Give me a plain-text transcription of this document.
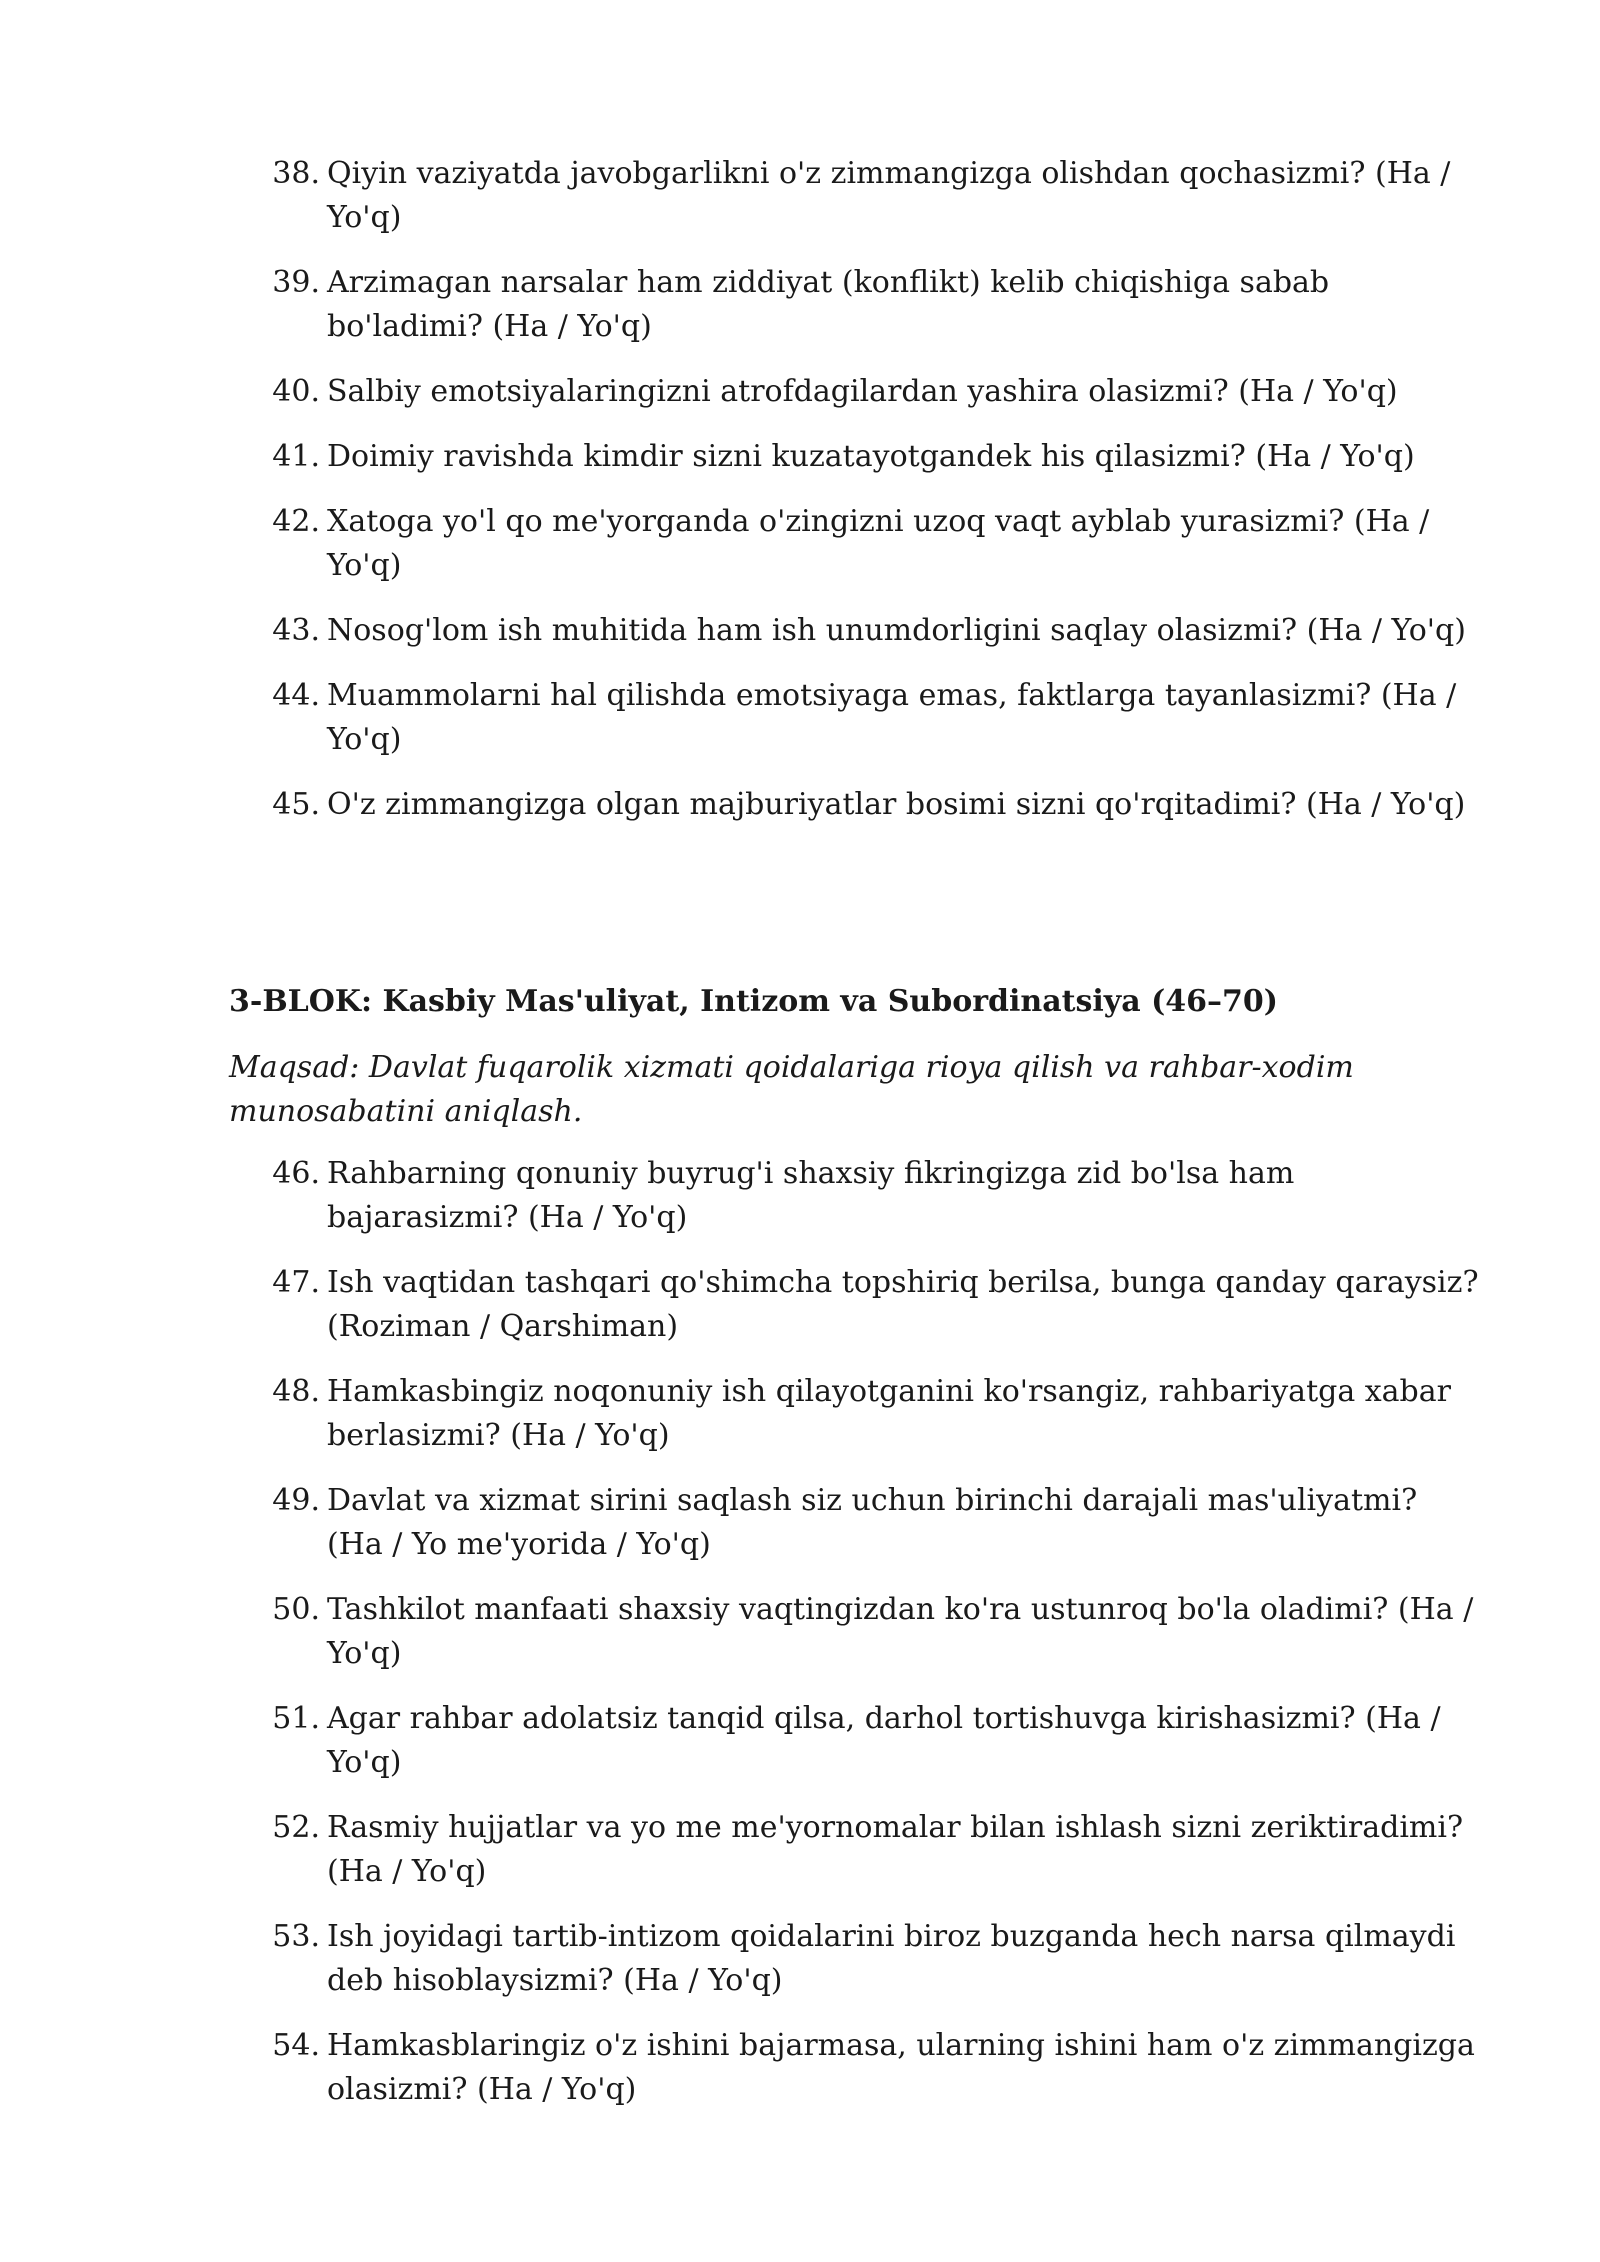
38. Qiyin vaziyatda javobgarlikni o'z zimmangizga olishdan qochasizmi? (Ha / Yo'q)
39. Arzimagan narsalar ham ziddiyat (konflikt) kelib chiqishiga sabab bo'ladimi? (Ha / Yo'q)
40. Salbiy emotsiyalaringizni atrofdagilardan yashira olasizmi? (Ha / Yo'q)
41. Doimiy ravishda kimdir sizni kuzatayotgandek his qilasizmi? (Ha / Yo'q)
42. Xatoga yo'l qo me'yorganda o'zingizni uzoq vaqt ayblab yurasizmi? (Ha / Yo'q)
43. Nosog'lom ish muhitida ham ish unumdorligini saqlay olasizmi? (Ha / Yo'q)
44. Muammolarni hal qilishda emotsiyaga emas, faktlarga tayanlasizmi? (Ha / Yo'q)
45. O'z zimmangizga olgan majburiyatlar bosimi sizni qo'rqitadimi? (Ha / Yo'q)
3-BLOK: Kasbiy Mas'uliyat, Intizom va Subordinatsiya (46–70)

Maqsad: Davlat fuqarolik xizmati qoidalariga rioya qilish va rahbar-xodim munosabatini aniqlash.

46. Rahbarning qonuniy buyrug'i shaxsiy fikringizga zid bo'lsa ham bajarasizmi? (Ha / Yo'q)
47. Ish vaqtidan tashqari qo'shimcha topshiriq berilsa, bunga qanday qaraysiz? (Roziman / Qarshiman)
48. Hamkasbingiz noqonuniy ish qilayotganini ko'rsangiz, rahbariyatga xabar berlasizmi? (Ha / Yo'q)
49. Davlat va xizmat sirini saqlash siz uchun birinchi darajali mas'uliyatmi? (Ha / Yo me'yorida / Yo'q)
50. Tashkilot manfaati shaxsiy vaqtingizdan ko'ra ustunroq bo'la oladimi? (Ha / Yo'q)
51. Agar rahbar adolatsiz tanqid qilsa, darhol tortishuvga kirishasizmi? (Ha / Yo'q)
52. Rasmiy hujjatlar va yo me me'yornomalar bilan ishlash sizni zeriktiradimi? (Ha / Yo'q)
53. Ish joyidagi tartib-intizom qoidalarini biroz buzganda hech narsa qilmaydi deb hisoblaysizmi? (Ha / Yo'q)
54. Hamkasblaringiz o'z ishini bajarmasa, ularning ishini ham o'z zimmangizga olasizmi? (Ha / Yo'q)
